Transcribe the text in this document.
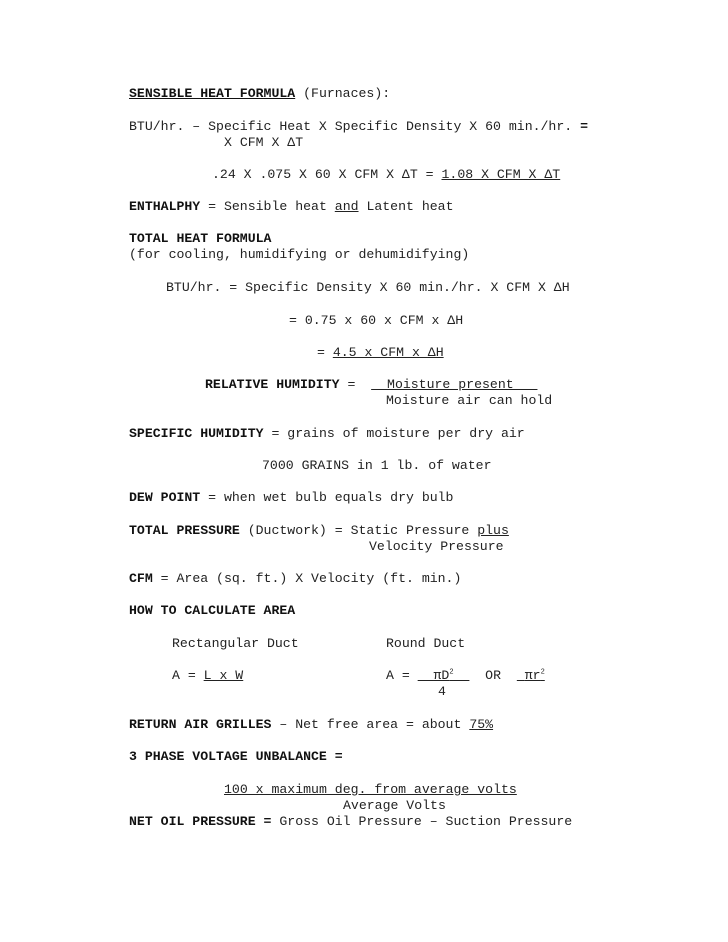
SENSIBLE HEAT FORMULA (Furnaces):
BTU/hr. – Specific Heat X Specific Density X 60 min./hr. =
X CFM X ΔT
.24 X .075 X 60 X CFM X ΔT = 1.08 X CFM X ΔT
ENTHALPHY = Sensible heat and Latent heat
TOTAL HEAT FORMULA
(for cooling, humidifying or dehumidifying)
BTU/hr. = Specific Density X 60 min./hr. X CFM X ΔH
= 0.75 x 60 x CFM x ΔH
= 4.5 x CFM x ΔH
RELATIVE HUMIDITY =  __Moisture present___
Moisture air can hold
SPECIFIC HUMIDITY = grains of moisture per dry air
7000 GRAINS in 1 lb. of water
DEW POINT = when wet bulb equals dry bulb
TOTAL PRESSURE (Ductwork) = Static Pressure plus
Velocity Pressure
CFM = Area (sq. ft.) X Velocity (ft. min.)
HOW TO CALCULATE AREA
Rectangular Duct	Round Duct
A = L x W	$A = \pi D^2\_\_$ OR $\pi r^2$
4
RETURN AIR GRILLES – Net free area = about 75%
3 PHASE VOLTAGE UNBALANCE =
100 x maximum deg. from average volts
Average Volts
NET OIL PRESSURE = Gross Oil Pressure – Suction Pressure
